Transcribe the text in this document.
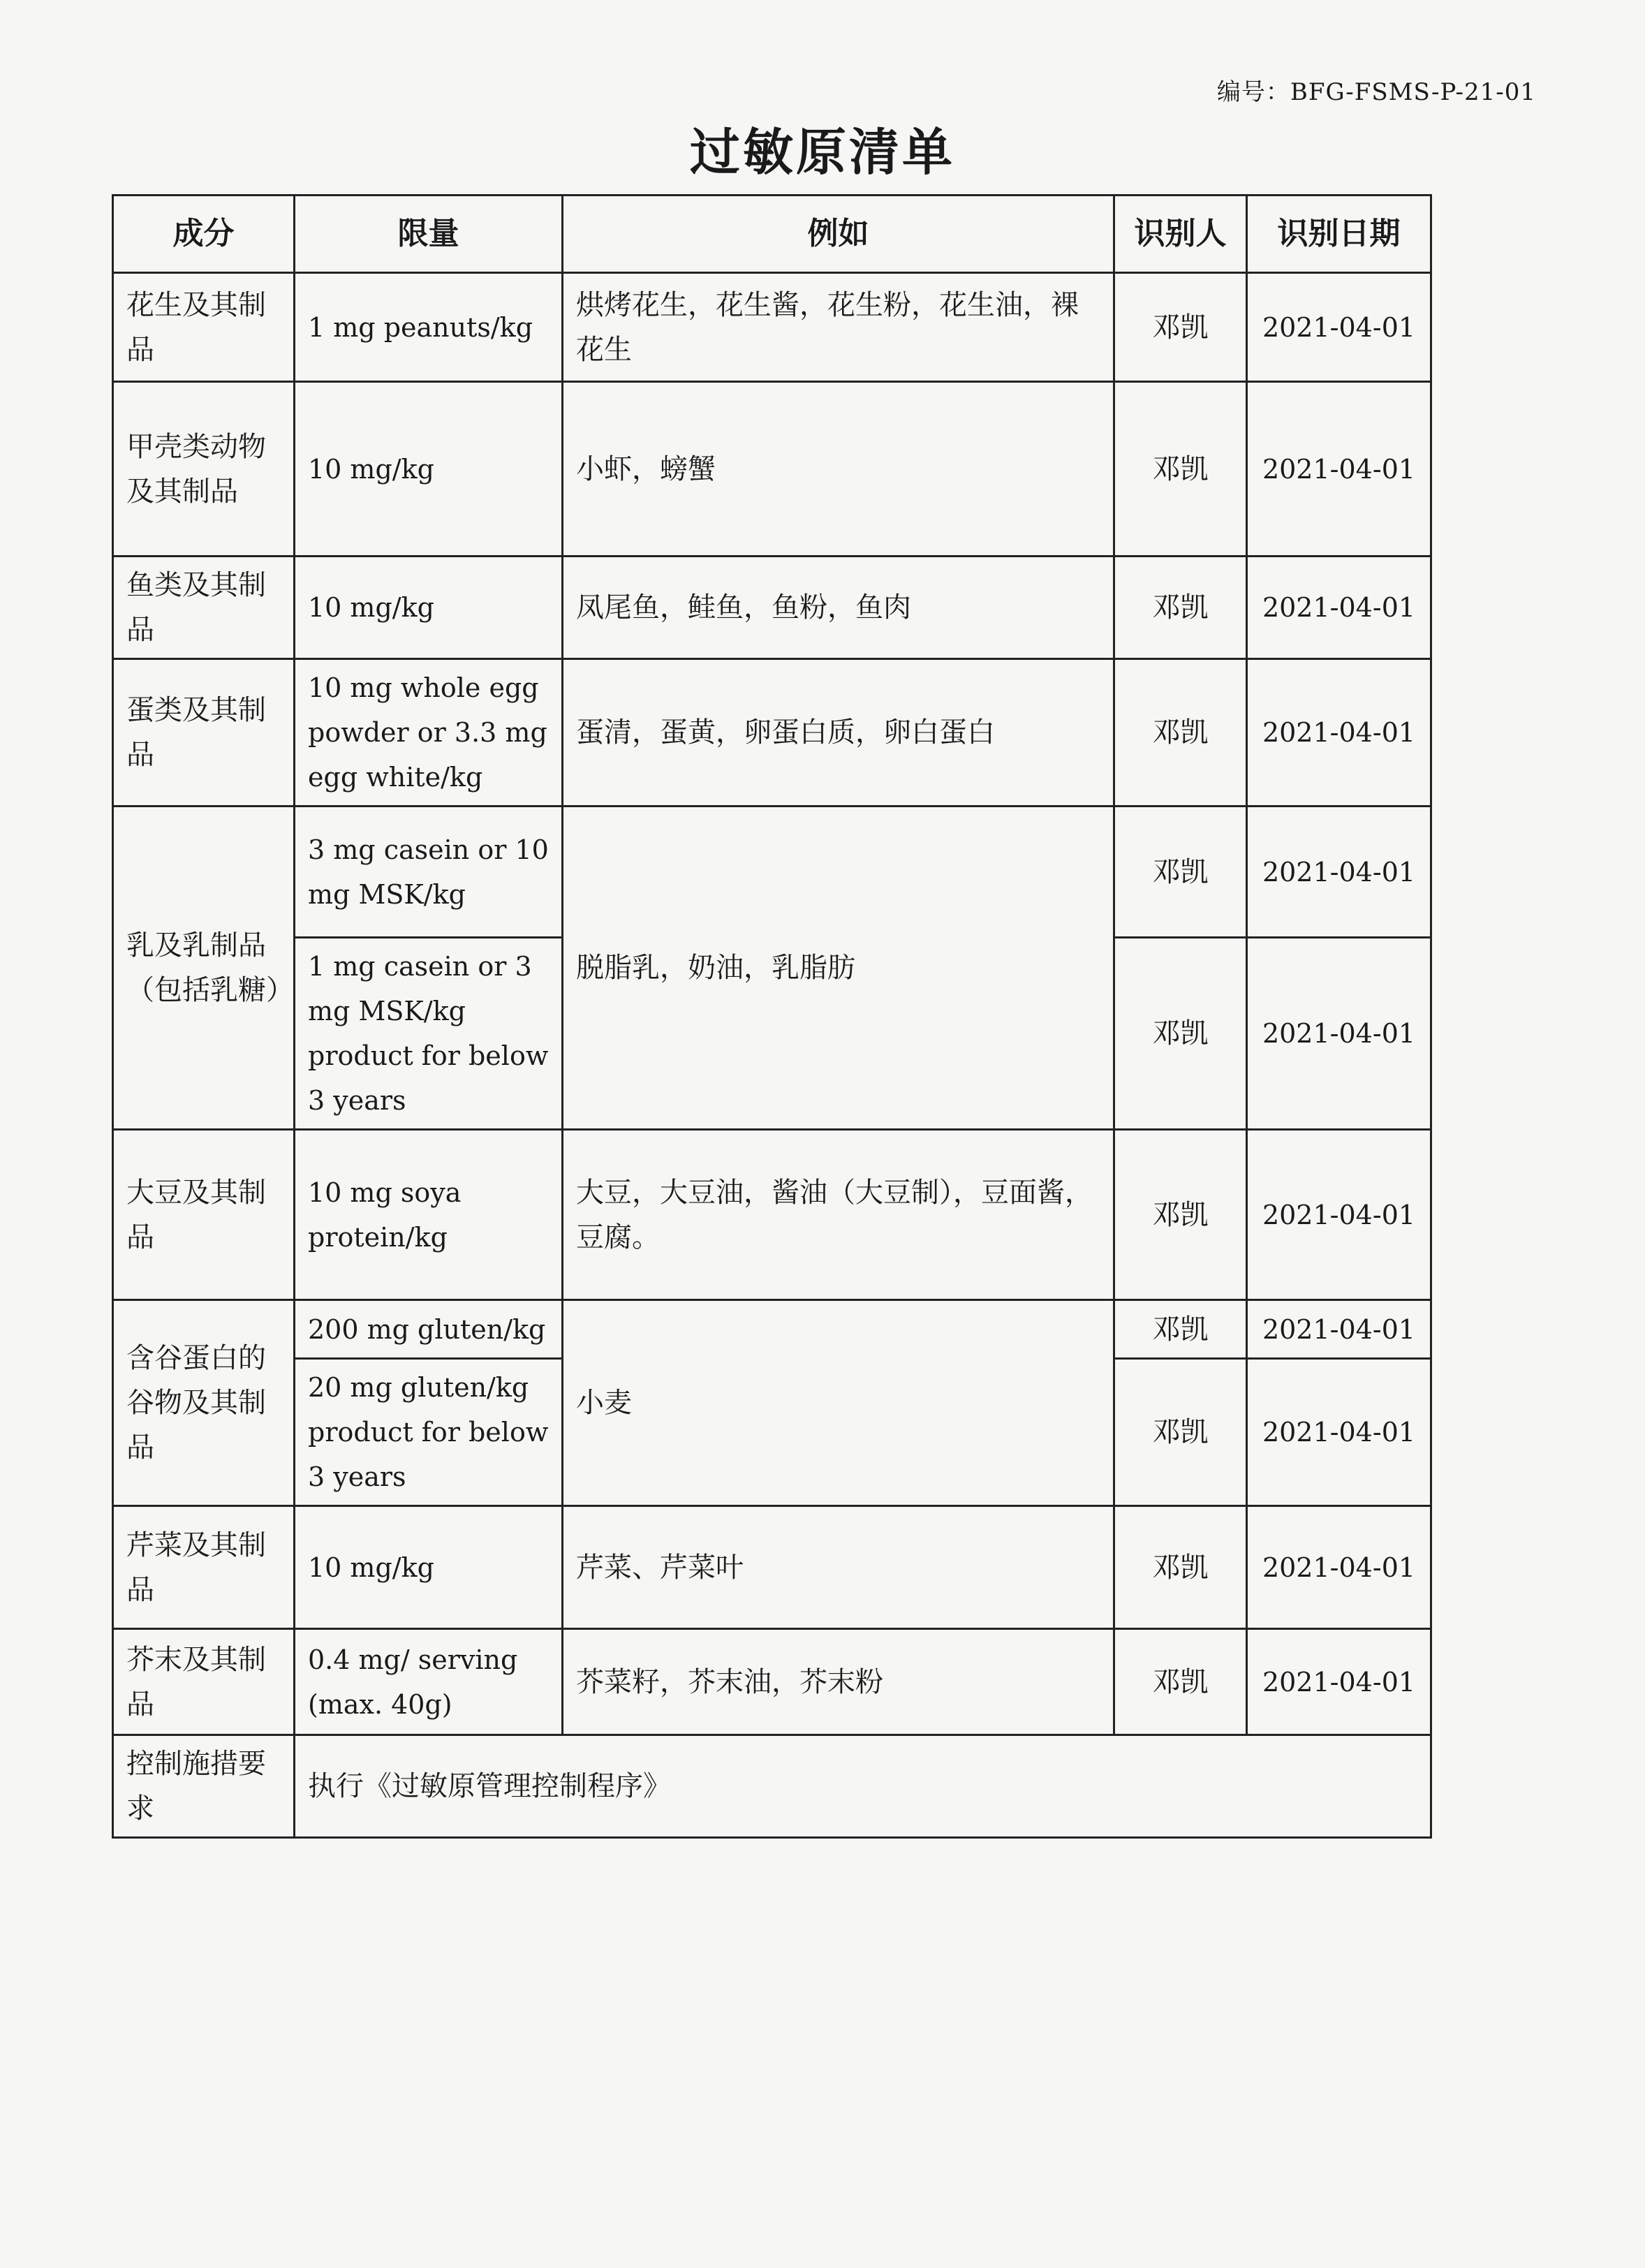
编号：BFG-FSMS-P-21-01
过敏原清单
成分	限量	例如	识别人	识别日期
花生及其制品	1 mg peanuts/kg	烘烤花生，花生酱，花生粉，花生油，裸花生	邓凯	2021-04-01
甲壳类动物及其制品	10 mg/kg	小虾，螃蟹	邓凯	2021-04-01
鱼类及其制品	10 mg/kg	凤尾鱼，鲑鱼，鱼粉，鱼肉	邓凯	2021-04-01
蛋类及其制品	10 mg whole egg powder or 3.3 mg egg white/kg	蛋清，蛋黄，卵蛋白质，卵白蛋白	邓凯	2021-04-01
乳及乳制品（包括乳糖）	3 mg casein or 10 mg MSK/kg	脱脂乳，奶油，乳脂肪	邓凯	2021-04-01
	1 mg casein or 3 mg MSK/kg product for below 3 years		邓凯	2021-04-01
大豆及其制品	10 mg soya protein/kg	大豆，大豆油，酱油（大豆制），豆面酱，豆腐。	邓凯	2021-04-01
含谷蛋白的谷物及其制品	200 mg gluten/kg	小麦	邓凯	2021-04-01
	20 mg gluten/kg product for below 3 years		邓凯	2021-04-01
芹菜及其制品	10 mg/kg	芹菜、芹菜叶	邓凯	2021-04-01
芥末及其制品	0.4 mg/ serving (max. 40g)	芥菜籽，芥末油，芥末粉	邓凯	2021-04-01
控制施措要求	执行《过敏原管理控制程序》			
